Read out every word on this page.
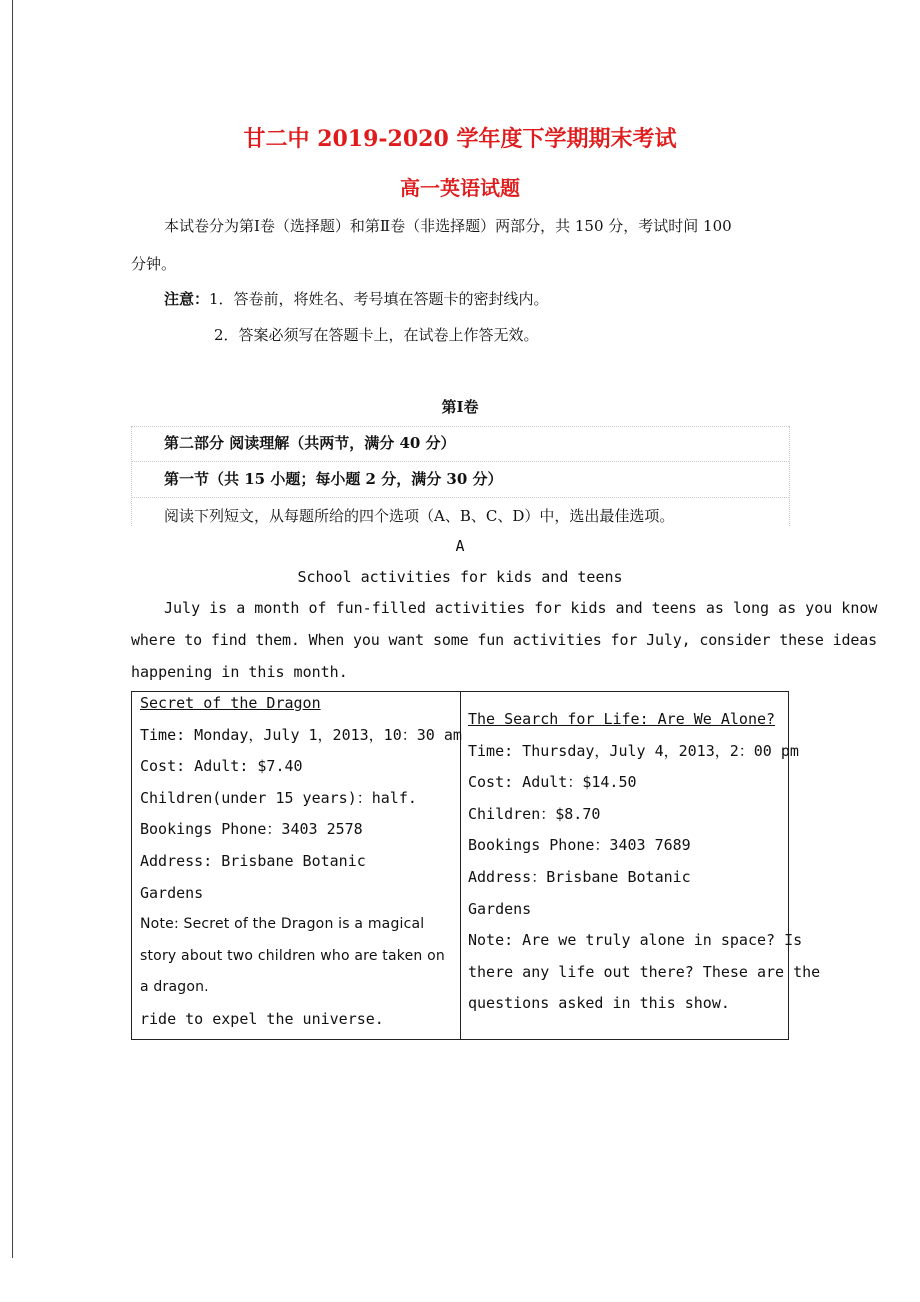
甘二中 2019-2020 学年度下学期期末考试
高一英语试题
本试卷分为第Ⅰ卷（选择题）和第Ⅱ卷（非选择题）两部分，共 150 分，考试时间 100
分钟。
注意：1．答卷前，将姓名、考号填在答题卡的密封线内。
2．答案必须写在答题卡上，在试卷上作答无效。
第Ⅰ卷
第二部分 阅读理解（共两节，满分 40 分）
第一节（共 15 小题；每小题 2 分，满分 30 分）
阅读下列短文，从每题所给的四个选项（A、B、C、D）中，选出最佳选项。
A
School activities for kids and teens
July is a month of fun-filled activities for kids and teens as long as you know
where to find them. When you want some fun activities for July, consider these ideas
happening in this month.
Secret of the Dragon
Time: Monday，July 1，2013，10：30 am
Cost: Adult: $7.40
Children(under 15 years)：half.
Bookings Phone：3403 2578
Address: Brisbane Botanic
Gardens
Note: Secret of the Dragon is a magical
story about two children who are taken on
a dragon.
ride to expel the universe.
The Search for Life: Are We Alone?
Time: Thursday，July 4，2013，2：00 pm
Cost: Adult：$14.50
Children：$8.70
Bookings Phone：3403 7689
Address：Brisbane Botanic
Gardens
Note: Are we truly alone in space? Is
there any life out there? These are the
questions asked in this show.
